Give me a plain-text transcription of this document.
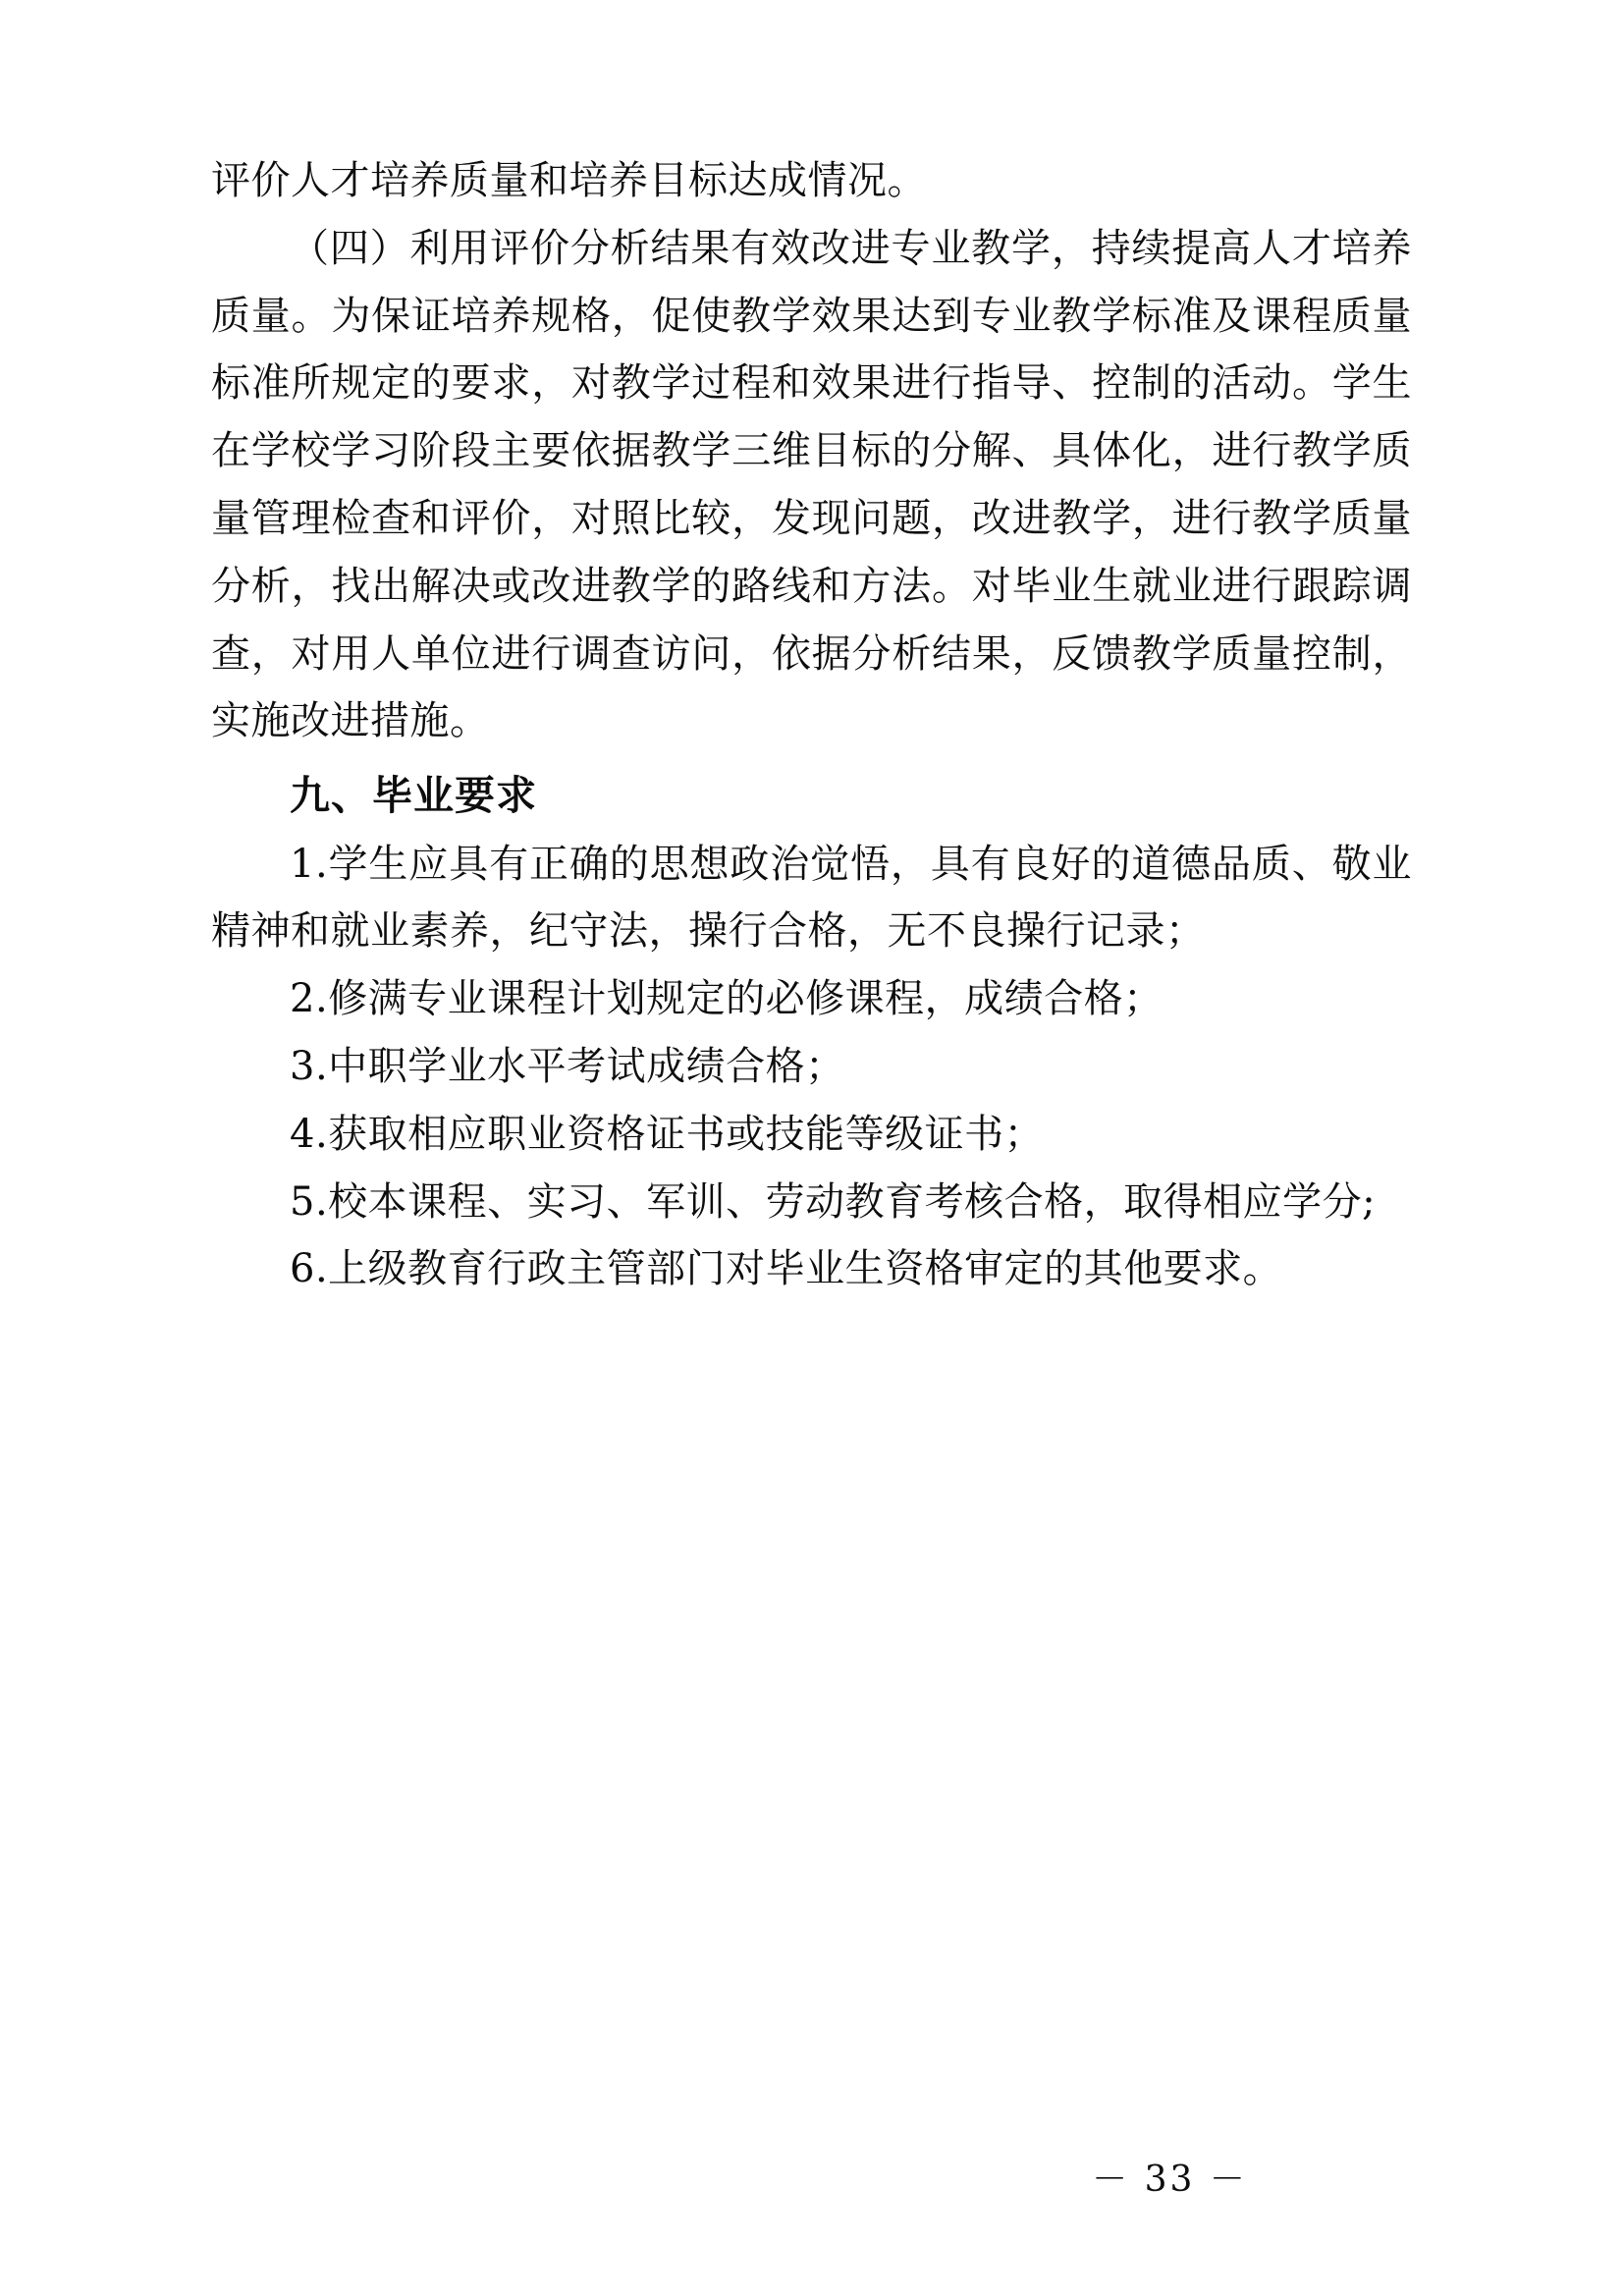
评价人才培养质量和培养目标达成情况。

（四）利用评价分析结果有效改进专业教学，持续提高人才培养质量。为保证培养规格，促使教学效果达到专业教学标准及课程质量标准所规定的要求，对教学过程和效果进行指导、控制的活动。学生在学校学习阶段主要依据教学三维目标的分解、具体化，进行教学质量管理检查和评价，对照比较，发现问题，改进教学，进行教学质量分析，找出解决或改进教学的路线和方法。对毕业生就业进行跟踪调查，对用人单位进行调查访问，依据分析结果，反馈教学质量控制，实施改进措施。

九、毕业要求

1.学生应具有正确的思想政治觉悟，具有良好的道德品质、敬业精神和就业素养，纪守法，操行合格，无不良操行记录；

2.修满专业课程计划规定的必修课程，成绩合格；

3.中职学业水平考试成绩合格；

4.获取相应职业资格证书或技能等级证书；

5.校本课程、实习、军训、劳动教育考核合格，取得相应学分;

6.上级教育行政主管部门对毕业生资格审定的其他要求。

－ 33 －
